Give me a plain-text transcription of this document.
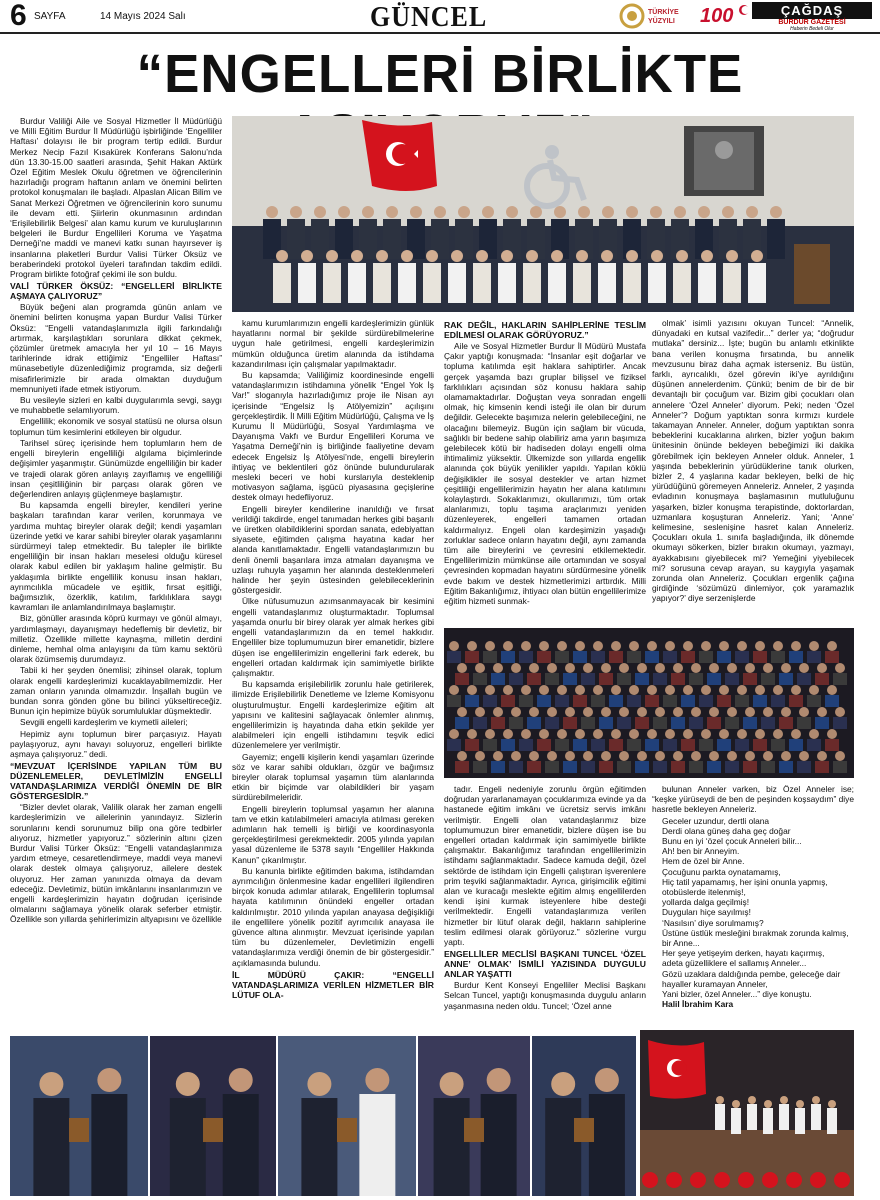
6 SAYFA	14 Mayıs 2024 Salı	GÜNCEL	TÜRKİYE
YÜZYILI 100	ÇAĞDAŞ
BURDUR GAZETESİ
Haberin Bedeli Olur
“ENGELLERİ BİRLİKTE

Burdur Valiliği Aile ve Sosyal Hizmetler İl Müdürlüğü ve Milli Eğitim Burdur İl Müdürlüğü işbirliğinde ‘Engelliler Haftası’ dolayısı ile bir program tertip edildi. Burdur Merkez Necip Fazıl Kısakürek Konferans Salonu’nda dün 13.30-15.00 saatleri arasında, Şehit Hakan Aktürk Özel Eğitim Meslek Okulu öğretmen ve öğrencilerinin hazırladığı program haftanın anlam ve önemini belirten protokol konuşmaları ile başladı. Alpaslan Alican Bilim ve Sanat Merkezi Öğretmen ve öğrencilerinin koro sunumu ile devam etti. Şiirlerin okunmasının ardından ‘Erişilebilirlik Belgesi’ alan kamu kurum ve kuruluşlarının belgeleri ile Burdur Engellileri Koruma ve Yaşatma Derneği’ne maddi ve manevi katkı sunan hayırsever iş insanlarına plaketleri Burdur Valisi Türker Öksüz ve beraberindeki protokol üyeleri tarafından takdim edildi. Program birlikte fotoğraf çekimi ile son buldu.

VALİ TÜRKER ÖKSÜZ: “ENGELLERİ BİRLİKTE AŞMAYA ÇALIYORUZ”

Büyük beğeni alan programda günün anlam ve önemini belirten konuşma yapan Burdur Valisi Türker Öksüz: “Engelli vatandaşlarımızla ilgili farkındalığı artırmak, karşılaştıkları sorunlara dikkat çekmek, çözümler üretmek amacıyla her yıl 10 – 16 Mayıs tarihlerinde idrak ettiğimiz “Engelliler Haftası” münasebetiyle düzenlediğimiz programda, siz değerli misafirlerimizle bir arada olmaktan duyduğum memnuniyeti ifade etmek istiyorum.

Bu vesileyle sizleri en kalbi duygularımla sevgi, saygı ve muhabbetle selamlıyorum.

Engellilik; ekonomik ve sosyal statüsü ne olursa olsun toplumun tüm kesimlerini etkileyen bir olgudur.

Tarihsel süreç içerisinde hem toplumların hem de engelli bireylerin engelliliği algılama biçimlerinde değişimler yaşanmıştır. Günümüzde engelliliğin bir kader ve trajedi olarak gören anlayış zayıflamış ve engelliliği insan çeşitliliğinin bir parçası olarak gören ve değerlendiren anlayış güçlenmeye başlamıştır.

Bu kapsamda engelli bireyler, kendileri yerine başkaları tarafından karar verilen, korunmaya ve yardıma muhtaç bireyler olarak değil; kendi yaşamları üzerinde yetki ve karar sahibi bireyler olarak yaşamlarını sürdürmeyi talep etmektedir. Bu talepler ile birlikte engelliliğin bir insan hakları meselesi olduğu küresel olarak kabul edilen bir yaklaşım haline gelmiştir. Bu yaklaşımla birlikte engellilik konusu insan hakları, ayrımcılıkla mücadele ve eşitlik, fırsat eşitliği, bağımsızlık, özerklik, katılım, farklılıklara saygı kavramları ile anlamlandırılmaya başlamıştır.

Biz, gönüller arasında köprü kurmayı ve gönül almayı, yardımlaşmayı, dayanışmayı hedeflemiş bir devletiz, bir milletiz. Özellikle millette kaynaşma, milletin derdini dinleme, hemhal olma anlayışını da tüm kamu sektörü olarak özümsemiş durumdayız.

Tabii ki her şeyden önemlisi; zihinsel olarak, toplum olarak engelli kardeşlerimizi kucaklayabilmemizdir. Her zaman onların yanında olmamızdır. İnşallah bugün ve bundan sonra gönden göne bu bilinci yükseltireceğiz. Bunun için hepimize büyük sorumluluklar düşmektedir.

Sevgili engelli kardeşlerim ve kıymetli aileleri;

Hepimiz aynı toplumun birer parçasıyız. Hayatı paylaşıyoruz, aynı havayı soluyoruz, engelleri birlikte aşmaya çalışıyoruz.” dedi.

“MEVZUAT İÇERİSİNDE YAPILAN TÜM BU DÜZENLEMELER, DEVLETİMİZİN ENGELLİ VATANDAŞLARIMIZA VERDİĞİ ÖNEMİN DE BİR GÖSTERGESİDİR.”

“Bizler devlet olarak, Valilik olarak her zaman engelli kardeşlerimizin ve ailelerinin yanındayız. Sizlerin sorunlarını kendi sorunumuz bilip ona göre tedbirler alıyoruz, hizmetler yapıyoruz.” sözlerinin altını çizen Burdur Valisi Türker Öksüz: “Engelli vatandaşlarımıza yardım etmeye, cesaretlendirmeye, maddi veya manevi olarak destek olmaya çalışıyoruz, ailelere destek oluyoruz. Her zaman yanınızda olmaya da devam edeceğiz. Devletimiz, bütün imkânlarını insanlarımızın ve engelli kardeşlerimizin hayatın doğrudan içerisinde olmalarını sağlamaya yönelik olarak seferber etmiştir. Özellikle son yıllarda şehirlerimizin altyapısını ve özellikle

kamu kurumlarımızın engelli kardeşlerimizin günlük hayatlarını normal bir şekilde sürdürebilmelerine uygun hale getirilmesi, engelli kardeşlerimizin mümkün olduğunca üretim alanında da istihdama kazandırılması için çalışmalar yapılmaktadır.

Bu kapsamda; Valiliğimiz koordinesinde engelli vatandaşlarımızın istihdamına yönelik “Engel Yok İş Var!” sloganıyla hazırladığımız proje ile Nisan ayı içerisinde “Engelsiz İş Atölyemizin” açılışını gerçekleştirdik. İl Milli Eğitim Müdürlüğü, Çalışma ve İş Kurumu İl Müdürlüğü, Sosyal Yardımlaşma ve Dayanışma Vakfı ve Burdur Engellileri Koruma ve Yaşatma Derneği’nin iş birliğinde faaliyetine devam edecek Engelsiz İş Atölyesi’nde, engelli bireylerin ihtiyaç ve beklentileri göz önünde bulundurularak mesleki beceri ve hobi kurslarıyla desteklenip motivasyon sağlama, işgücü piyasasına geçişlerine destek olmayı hedefliyoruz.

Engelli bireyler kendilerine inanıldığı ve fırsat verildiği takdirde, engel tanımadan herkes gibi başarılı ve üretken olabildiklerini spordan sanata, edebiyattan siyasete, eğitimden çalışma hayatına kadar her alanda kanıtlamaktadır. Engelli vatandaşlarımızın bu denli önemli başarılara imza atmaları dayanışma ve uzlaşı ruhuyla yaşamın her alanında desteklenmeleri halinde her şeyin üstesinden gelebileceklerinin göstergesidir.

Ülke nüfusumuzun azımsanmayacak bir kesimini engelli vatandaşlarımız oluşturmaktadır. Toplumsal yaşamda onurlu bir birey olarak yer almak herkes gibi engelli vatandaşlarımızın da en temel hakkıdır. Engelliler bize toplumumuzun birer emanetidir, bizlere düşen ise engellilerimizin engellerini fark ederek, bu engelleri ortadan kaldırmak için samimiyetle birlikte çalışmaktır.

Bu kapsamda erişilebilirlik zorunlu hale getirilerek, ilimizde Erişilebilirlik Denetleme ve İzleme Komisyonu oluşturulmuştur. Engelli kardeşlerimize eğitim alt yapısını ve kalitesini sağlayacak önlemler alınmış, engellilerimizin iş hayatında daha etkin şekilde yer alabilmeleri için engelli istihdamını teşvik edici düzenlemelere yer verilmiştir.

Gayemiz; engelli kişilerin kendi yaşamları üzerinde söz ve karar sahibi oldukları, özgür ve bağımsız bireyler olarak toplumsal yaşamın tüm alanlarında etkin bir biçimde var olabildikleri bir yaşam sürdürebilmeleridir.

Engelli bireylerin toplumsal yaşamın her alanına tam ve etkin katılabilmeleri amacıyla atılması gereken adımların hak temelli iş birliği ve koordinasyonla gerçekleştirilmesi gerekmektedir. 2005 yılında yapılan yasal düzenleme ile 5378 sayılı “Engelliler Hakkında Kanun” çıkarılmıştır.

Bu kanunla birlikte eğitimden bakıma, istihdamdan ayrımcılığın önlenmesine kadar engellileri ilgilendiren birçok konuda adımlar atılarak, Engellilerin toplumsal hayata katılımının önündeki engeller ortadan kaldırılmıştır. 2010 yılında yapılan anayasa değişikliği ile engellilere yönelik pozitif ayrımcılık anayasa ile güvence altına alınmıştır. Mevzuat içerisinde yapılan tüm bu düzenlemeler, Devletimizin engelli vatandaşlarımıza verdiği önemin de bir göstergesidir.” açıklamasında bulundu.

İL MÜDÜRÜ ÇAKIR: “ENGELLİ VATANDAŞLARIMIZA VERİLEN HİZMETLER BİR LÜTUF OLA-
RAK DEĞİL, HAKLARIN SAHİPLERİNE TESLİM EDİLMESİ OLARAK GÖRÜYORUZ.”

Aile ve Sosyal Hizmetler Burdur İl Müdürü Mustafa Çakır yaptığı konuşmada: “İnsanlar eşit doğarlar ve topluma katılımda eşit haklara sahiptirler. Ancak gerçek yaşamda bazı gruplar bilişsel ve fiziksel farklılıkları açısından söz konusu haklara sahip olamamaktadırlar. Doğuştan veya sonradan engelli olmak, hiç kimsenin kendi isteği ile olan bir durum değildir. Gelecekte başımıza nelerin gelebileceğini, ne olacağını bilemeyiz. Bugün için sağlam bir vücuda, sağlıklı bir bedene sahip olabiliriz ama yarın başımıza gelebilecek kötü bir hadiseden dolayı engelli olma ihtimalimiz yüksektir. Ülkemizde son yıllarda engellik alanında çok büyük yenilikler yapıldı. Yapılan köklü değişiklikler ile sosyal destekler ve artan hizmet çeşitliliği engellilerimizin hayatın her alana katılımını kolaylaştırdı. Sokaklarımızı, okullarımızı, tüm ortak alanlarımızı, toplu taşıma araçlarımızı yeniden düzenleyerek, engelleri tamamen ortadan kaldırmalıyız. Engeli olan kardeşimizin yaşadığı zorluklar sadece onların hayatını değil, aynı zamanda tüm aile bireylerini ve çevresini etkilemektedir. Engellilerimizin mümkünse aile ortamından ve sosyal çevresinden kopmadan hayatını sürdürmesine yönelik evde bakım ve destek hizmetlerimizi arttırdık. Milli Eğitim Bakanlığımız, ihtiyacı olan bütün engellilerimize eğitim hizmeti sunmak-

olmak’ isimli yazısını okuyan Tuncel: “Annelik, dünyadaki en kutsal vazifedir...” derler ya; “doğrudur mutlaka” dersiniz... İşte; bugün bu anlamlı etkinlikte bana verilen konuşma fırsatında, bu annelik mevzusunu biraz daha açmak isterseniz. Bu üstün, farklı, ayrıcalıklı, özel görevin iki’ye ayrıldığını düşünen annelerdenim. Çünkü; benim de bir de bir devantajlı bir çocuğum var. Bizim gibi çocukları olan annelere ‘Özel Anneler’ diyorum. Peki; neden ‘Özel Anneler’? Doğum yaptıktan sonra kırmızı kurdele takamayan Anneler. Anneler, doğum yaptıktan sonra bebeklerini kucaklarına alırken, bizler yoğun bakım ünitesinin önünde bekleyen bebeğimizi iki dakika görebilmek için bekleyen Anneler olduk. Anneler, 1 yaşında bebeklerinin yürüdüklerine tanık olurken, bizler 2, 4 yaşlarına kadar bekleyen, belki de hiç yürüdüğünü göremeyen Anneleriz. Anneler, 2 yaşında evladının konuşmaya başlamasının mutluluğunu yaşarken, bizler konuşma terapistinde, doktorlardan, uzmanlara koşuşturan Anneleriz. Yani; ‘Anne’ kelimesine, seslenişine hasret kalan Anneleriz. Çocukları okula 1. sınıfa başladığında, ilk dönemde okumayı sökerken, bizler bırakın okumayı, yazmayı, ayakkabısını giyebilecek mi? Yemeğini yiyebilecek mi? sorusuna cevap arayan, su kaygıyla yaşamak zorunda olan Anneleriz. Çocukları ergenlik çağına girdiğinde ‘sözümüzü dinlemiyor, çok yaramazlık yapıyor?’ diye serzenişlerde

tadır. Engeli nedeniyle zorunlu örgün eğitimden doğrudan yararlanamayan çocuklarımıza evinde ya da hastanede eğitim imkânı ve ücretsiz servis imkânı verilmiştir. Engelli olan vatandaşlarımız bize toplumumuzun birer emanetidir, bizlere düşen ise bu engelleri ortadan kaldırmak için samimiyetle birlikte çalışmaktır. Bakanlığımız tarafından engellilerimizin istihdamı sağlanmaktadır. Sadece kamuda değil, özel sektörde de istihdam için Engelli çalıştıran işverenlere prim teşviki sağlanmaktadır. Ayrıca, girişimcilik eğitimi alan ve kuracağı meslekte eğitim almış engellilerden kendi işini kurmak isteyenlere hibe desteği verilmektedir. Engelli vatandaşlarımıza verilen hizmetler bir lütuf olarak değil, hakların sahiplerine teslim edilmesi olarak görüyoruz.” sözlerine vurgu yaptı.

ENGELLİLER MECLİSİ BAŞKANI TUNCEL ‘ÖZEL ANNE’ OLMAK’ İSMİLİ YAZISINDA DUYGULU ANLAR YAŞATTI

Burdur Kent Konseyi Engelliler Meclisi Başkanı Selcan Tuncel, yaptığı konuşmasında duygulu anların yaşanmasına neden oldu. Tuncel; ‘Özel anne

bulunan Anneler varken, biz Özel Anneler ise; “keşke yürüseydi de ben de peşinden koşsaydım” diye hasretle bekleyen Anneleriz.

Geceler uzundur, dertli olana
Derdi olana güneş daha geç doğar
Bunu en iyi ‘özel çocuk Anneleri bilir...
Ah! ben bir Anneyim.
Hem de özel bir Anne.
Çocuğunu parkta oynatamamış,
Hiç tatil yapamamış, her işini onunla yapmış,
otobüslerde itelenmiş!,
yollarda dalga geçilmiş!
Duyguları hiçe sayılmış!
‘Nasılsın’ diye sorulmamış?
Üstüne üstlük mesleğini bırakmak zorunda kalmış,
bir Anne...
Her şeye yetişeyim derken, hayatı kaçırmış,
adeta güzelliklere el sallamış Anneler...
Gözü uzaklara daldığında pembe, geleceğe dair hayaller kuramayan Anneler,
Yani bizler, özel Anneler...” diye konuştu.
Halil İbrahim Kara
